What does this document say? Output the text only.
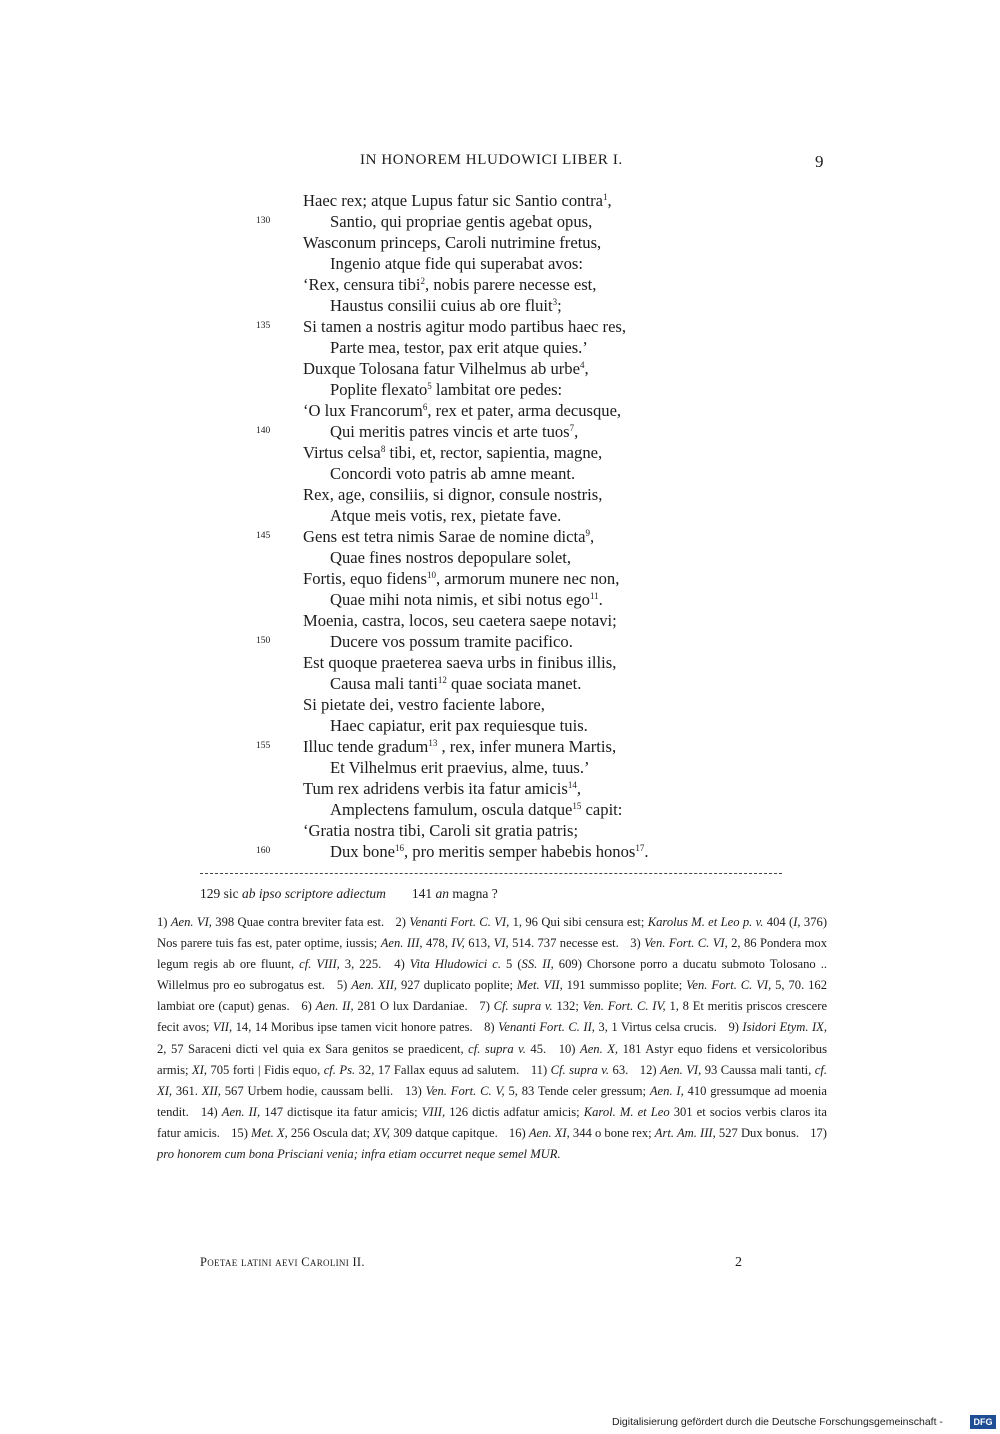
IN HONOREM HLUDOWICI LIBER I.	9
Haec rex; atque Lupus fatur sic Santio contra$^1$,
Santio, qui propriae gentis agebat opus,
130
Wasconum princeps, Caroli nutrimine fretus,
Ingenio atque fide qui superabat avos:
‘Rex, censura tibi$^2$, nobis parere necesse est,
Haustus consilii cuius ab ore fluit$^3$;
Si tamen a nostris agitur modo partibus haec res,
135
Parte mea, testor, pax erit atque quies.’
Duxque Tolosana fatur Vilhelmus ab urbe$^4$,
Poplite flexato$^5$ lambitat ore pedes:
‘O lux Francorum$^6$, rex et pater, arma decusque,
Qui meritis patres vincis et arte tuos$^7$,
140
Virtus celsa$^8$ tibi, et, rector, sapientia, magne,
Concordi voto patris ab amne meant.
Rex, age, consiliis, si dignor, consule nostris,
Atque meis votis, rex, pietate fave.
Gens est tetra nimis Sarae de nomine dicta$^9$,
145
Quae fines nostros depopulare solet,
Fortis, equo fidens$^{10}$, armorum munere nec non,
Quae mihi nota nimis, et sibi notus ego$^{11}$.
Moenia, castra, locos, seu caetera saepe notavi;
Ducere vos possum tramite pacifico.
150
Est quoque praeterea saeva urbs in finibus illis,
Causa mali tanti$^{12}$ quae sociata manet.
Si pietate dei, vestro faciente labore,
Haec capiatur, erit pax requiesque tuis.
Illuc tende gradum$^{13}$ , rex, infer munera Martis,
155
Et Vilhelmus erit praevius, alme, tuus.’
Tum rex adridens verbis ita fatur amicis$^{14}$,
Amplectens famulum, oscula datque$^{15}$ capit:
‘Gratia nostra tibi, Caroli sit gratia patris;
Dux bone$^{16}$, pro meritis semper habebis honos$^{17}$.
160
129 sic ab ipso scriptore adiectum 141 an magna ?
1) Aen. VI, 398 Quae contra breviter fata est. 2) Venanti Fort. C. VI, 1, 96 Qui sibi censura est; Karolus M. et Leo p. v. 404 (I, 376) Nos parere tuis fas est, pater optime, iussis; Aen. III, 478, IV, 613, VI, 514. 737 necesse est. 3) Ven. Fort. C. VI, 2, 86 Pondera mox legum regis ab ore fluunt, cf. VIII, 3, 225. 4) Vita Hludowici c. 5 (SS. II, 609) Chorsone porro a ducatu submoto Tolosano .. Willelmus pro eo subrogatus est. 5) Aen. XII, 927 duplicato poplite; Met. VII, 191 summisso poplite; Ven. Fort. C. VI, 5, 70. 162 lambiat ore (caput) genas. 6) Aen. II, 281 O lux Dardaniae. 7) Cf. supra v. 132; Ven. Fort. C. IV, 1, 8 Et meritis priscos crescere fecit avos; VII, 14, 14 Moribus ipse tamen vicit honore patres. 8) Venanti Fort. C. II, 3, 1 Virtus celsa crucis. 9) Isidori Etym. IX, 2, 57 Saraceni dicti vel quia ex Sara genitos se praedicent, cf. supra v. 45. 10) Aen. X, 181 Astyr equo fidens et versicoloribus armis; XI, 705 forti | Fidis equo, cf. Ps. 32, 17 Fallax equus ad salutem. 11) Cf. supra v. 63. 12) Aen. VI, 93 Caussa mali tanti, cf. XI, 361. XII, 567 Urbem hodie, caussam belli. 13) Ven. Fort. C. V, 5, 83 Tende celer gressum; Aen. I, 410 gressumque ad moenia tendit. 14) Aen. II, 147 dictisque ita fatur amicis; VIII, 126 dictis adfatur amicis; Karol. M. et Leo 301 et socios verbis claros ita fatur amicis. 15) Met. X, 256 Oscula dat; XV, 309 datque capitque. 16) Aen. XI, 344 o bone rex; Art. Am. III, 527 Dux bonus. 17) pro honorem cum bona Prisciani venia; infra etiam occurret neque semel MUR.
Poetae latini aevi Carolini II.	2
Digitalisierung gefördert durch die Deutsche Forschungsgemeinschaft -	DFG
